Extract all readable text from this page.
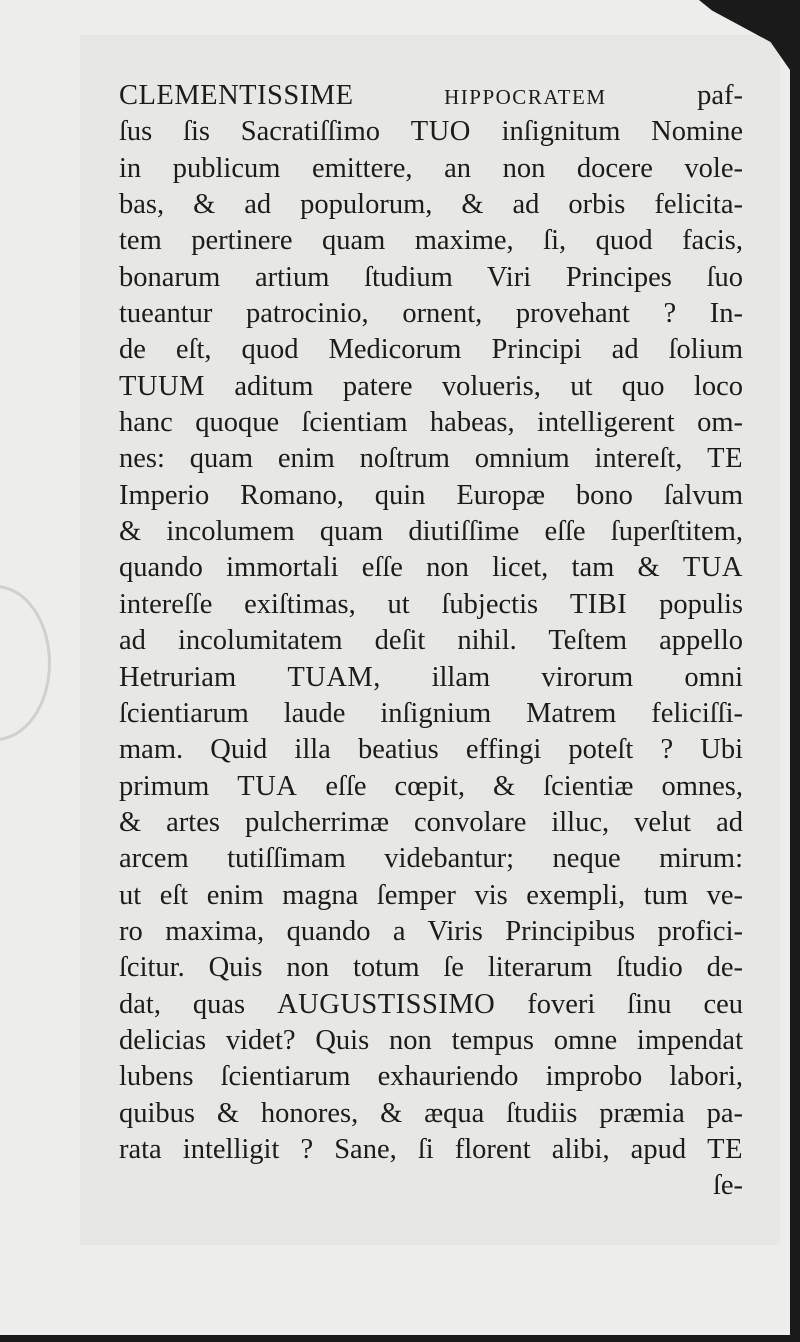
CLEMENTISSIME	HIPPOCRATEM paf-
ſus ſis Sacratiſſimo TUO inſignitum Nomine
in publicum emittere, an non docere vole-
bas, & ad populorum, & ad orbis felicita-
tem pertinere quam maxime, ſi, quod facis,
bonarum artium ſtudium Viri Principes ſuo
tueantur patrocinio, ornent, provehant ? In-
de eſt, quod Medicorum Principi ad ſolium
TUUM aditum patere volueris, ut quo loco
hanc quoque ſcientiam habeas, intelligerent om-
nes: quam enim noſtrum omnium intereſt, TE
Imperio Romano, quin Europæ bono ſalvum
& incolumem quam diutiſſime eſſe ſuperſtitem,
quando immortali eſſe non licet, tam & TUA
intereſſe exiſtimas, ut ſubjectis TIBI populis
ad incolumitatem deſit nihil. Teſtem appello
Hetruriam TUAM, illam virorum omni
ſcientiarum laude inſignium Matrem feliciſſi-
mam. Quid illa beatius effingi poteſt ? Ubi
primum TUA eſſe cœpit, & ſcientiæ omnes,
& artes pulcherrimæ convolare illuc, velut ad
arcem tutiſſimam videbantur; neque mirum:
ut eſt enim magna ſemper vis exempli, tum ve-
ro maxima, quando a Viris Principibus profici-
ſcitur. Quis non totum ſe literarum ſtudio de-
dat, quas AUGUSTISSIMO foveri ſinu ceu
delicias videt? Quis non tempus omne impendat
lubens ſcientiarum exhauriendo improbo labori,
quibus & honores, & æqua ſtudiis præmia pa-
rata intelligit ? Sane, ſi florent alibi, apud TE
ſe-
